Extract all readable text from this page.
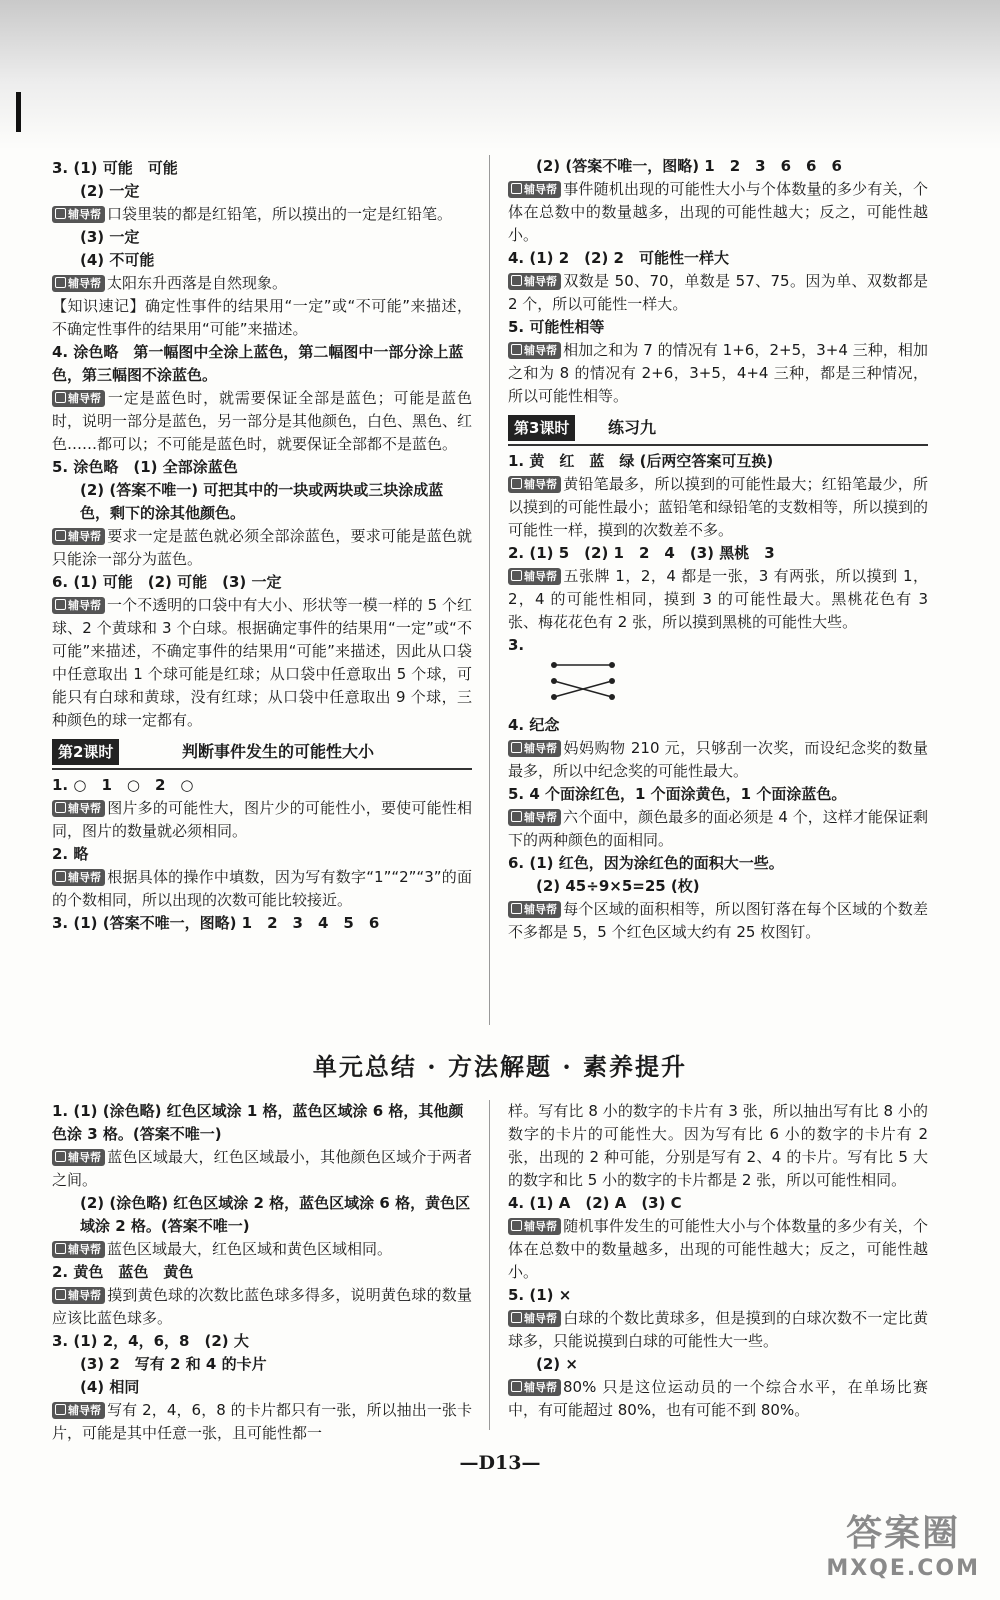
3. (1) 可能　可能

(2) 一定

辅导帮 口袋里装的都是红铅笔，所以摸出的一定是红铅笔。

(3) 一定

(4) 不可能

辅导帮 太阳东升西落是自然现象。

【知识速记】确定性事件的结果用“一定”或“不可能”来描述，不确定性事件的结果用“可能”来描述。

4. 涂色略　第一幅图中全涂上蓝色，第二幅图中一部分涂上蓝色，第三幅图不涂蓝色。

辅导帮 一定是蓝色时，就需要保证全部是蓝色；可能是蓝色时，说明一部分是蓝色，另一部分是其他颜色，白色、黑色、红色……都可以；不可能是蓝色时，就要保证全部都不是蓝色。

5. 涂色略　(1) 全部涂蓝色

(2) (答案不唯一) 可把其中的一块或两块或三块涂成蓝色，剩下的涂其他颜色。

辅导帮 要求一定是蓝色就必须全部涂蓝色，要求可能是蓝色就只能涂一部分为蓝色。

6. (1) 可能　(2) 可能　(3) 一定

辅导帮 一个不透明的口袋中有大小、形状等一模一样的 5 个红球、2 个黄球和 3 个白球。根据确定事件的结果用“一定”或“不可能”来描述，不确定事件的结果用“可能”来描述，因此从口袋中任意取出 1 个球可能是红球；从口袋中任意取出 5 个球，可能只有白球和黄球，没有红球；从口袋中任意取出 9 个球，三种颜色的球一定都有。

第2课时	判断事件发生的可能性大小

1. ○　1　○　2　○

辅导帮 图片多的可能性大，图片少的可能性小，要使可能性相同，图片的数量就必须相同。

2. 略

辅导帮 根据具体的操作中填数，因为写有数字“1”“2”“3”的面的个数相同，所以出现的次数可能比较接近。

3. (1) (答案不唯一，图略) 1　2　3　4　5　6

(2) (答案不唯一，图略) 1　2　3　6　6　6

辅导帮 事件随机出现的可能性大小与个体数量的多少有关，个体在总数中的数量越多，出现的可能性越大；反之，可能性越小。

4. (1) 2　(2) 2　可能性一样大

辅导帮 双数是 50、70，单数是 57、75。因为单、双数都是 2 个，所以可能性一样大。

5. 可能性相等

辅导帮 相加之和为 7 的情况有 1+6，2+5，3+4 三种，相加之和为 8 的情况有 2+6，3+5，4+4 三种，都是三种情况，所以可能性相等。

第3课时	练习九

1. 黄　红　蓝　绿 (后两空答案可互换)

辅导帮 黄铅笔最多，所以摸到的可能性最大；红铅笔最少，所以摸到的可能性最小；蓝铅笔和绿铅笔的支数相等，所以摸到的可能性一样，摸到的次数差不多。

2. (1) 5　(2) 1　2　4　(3) 黑桃　3

辅导帮 五张牌 1，2，4 都是一张，3 有两张，所以摸到 1，2，4 的可能性相同，摸到 3 的可能性最大。黑桃花色有 3 张、梅花花色有 2 张，所以摸到黑桃的可能性大些。

3.

4. 纪念

辅导帮 妈妈购物 210 元，只够刮一次奖，而设纪念奖的数量最多，所以中纪念奖的可能性最大。

5. 4 个面涂红色，1 个面涂黄色，1 个面涂蓝色。

辅导帮 六个面中，颜色最多的面必须是 4 个，这样才能保证剩下的两种颜色的面相同。

6. (1) 红色，因为涂红色的面积大一些。

(2) 45÷9×5=25 (枚)

辅导帮 每个区域的面积相等，所以图钉落在每个区域的个数差不多都是 5，5 个红色区域大约有 25 枚图钉。

单元总结 · 方法解题 · 素养提升

1. (1) (涂色略) 红色区域涂 1 格，蓝色区域涂 6 格，其他颜色涂 3 格。(答案不唯一)

辅导帮 蓝色区域最大，红色区域最小，其他颜色区域介于两者之间。

(2) (涂色略) 红色区域涂 2 格，蓝色区域涂 6 格，黄色区域涂 2 格。(答案不唯一)

辅导帮 蓝色区域最大，红色区域和黄色区域相同。

2. 黄色　蓝色　黄色

辅导帮 摸到黄色球的次数比蓝色球多得多，说明黄色球的数量应该比蓝色球多。

3. (1) 2，4，6，8　(2) 大

(3) 2　写有 2 和 4 的卡片

(4) 相同

辅导帮 写有 2，4，6，8 的卡片都只有一张，所以抽出一张卡片，可能是其中任意一张，且可能性都一

样。写有比 8 小的数字的卡片有 3 张，所以抽出写有比 8 小的数字的卡片的可能性大。因为写有比 6 小的数字的卡片有 2 张，出现的 2 种可能，分别是写有 2、4 的卡片。写有比 5 大的数字和比 5 小的数字的卡片都是 2 张，所以可能性相同。

4. (1) A　(2) A　(3) C

辅导帮 随机事件发生的可能性大小与个体数量的多少有关，个体在总数中的数量越多，出现的可能性越大；反之，可能性越小。

5. (1) ×

辅导帮 白球的个数比黄球多，但是摸到的白球次数不一定比黄球多，只能说摸到白球的可能性大一些。

(2) ×

辅导帮 80% 只是这位运动员的一个综合水平，在单场比赛中，有可能超过 80%，也有可能不到 80%。

—D13—
答案圈
MXQE.COM
